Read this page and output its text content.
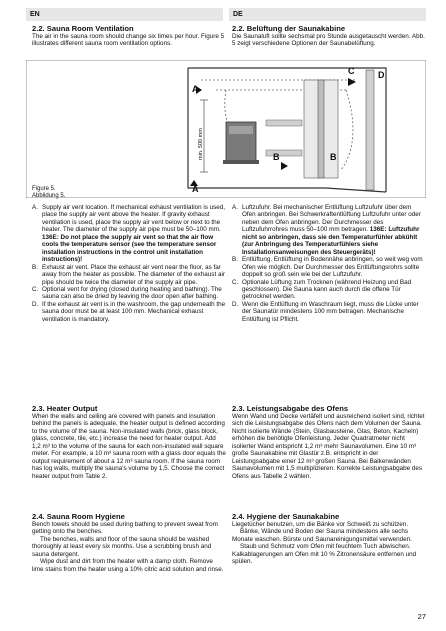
EN	DE
2.2. Sauna Room Ventilation

The air in the sauna room should change six times per hour. Figure 5 illustrates different sauna room ventilation options.

2.2. Belüftung der Saunakabine

Die Saunaluft sollte sechsmal pro Stunde ausgetauscht werden. Abb. 5 zeigt verschiedene Optionen der Saunabelüftung.

min. 500 mm
A
A
B	B
C	D
Figure 5.
Abbildung 5.
A. Supply air vent location. If mechanical exhaust ventilation is used, place the supply air vent above the heater. If gravity exhaust ventilation is used, place the supply air vent below or next to the heater. The diameter of the supply air pipe must be 50–100 mm. 136E: Do not place the supply air vent so that the air flow cools the temperature sensor (see the temperature sensor installation instructions in the control unit installation instructions)!
B. Exhaust air vent. Place the exhaust air vent near the floor, as far away from the heater as possible. The diameter of the exhaust air pipe should be twice the diameter of the supply air pipe.
C. Optional vent for drying (closed during heating and bathing). The sauna can also be dried by leaving the door open after bathing.
D. If the exhaust air vent is in the washroom, the gap underneath the sauna door must be at least 100 mm. Mechanical exhaust ventilation is mandatory.
A. Luftzufuhr. Bei mechanischer Entlüftung Luftzufuhr über dem Ofen anbringen. Bei Schwerkraftentlüftung Luftzufuhr unter oder neben dem Ofen anbringen. Der Durchmesser des Luftzufuhrrohres muss 50–100 mm betragen. 136E: Luftzufuhr nicht so anbringen, dass sie den Temperaturfühler abkühlt (zur Anbringung des Temperaturfühlers siehe Installationsanweisungen des Steuergeräts)!
B. Entlüftung. Entlüftung in Bodennähe anbringen, so weit weg vom Ofen wie möglich. Der Durchmesser des Entlüftungsrohrs sollte doppelt so groß sein wie bei der Luftzufuhr.
C. Optionale Lüftung zum Trocknen (während Heizung und Bad geschlossen). Die Sauna kann auch durch die offene Tür getrocknet werden.
D. Wenn die Entlüftung im Waschraum liegt, muss die Lücke unter der Saunatür mindestens 100 mm betragen. Mechanische Entlüftung ist Pflicht.
2.3. Heater Output

When the walls and ceiling are covered with panels and insulation behind the panels is adequate, the heater output is defined according to the volume of the sauna. Non-insulated walls (brick, glass block, glass, concrete, tile, etc.) increase the need for heater output. Add 1,2 m³ to the volume of the sauna for each non-insulated wall square meter. For example, a 10 m³ sauna room with a glass door equals the output requirement of about a 12 m³ sauna room. If the sauna room has log walls, multiply the sauna's volume by 1,5. Choose the correct heater output from Table 2.

2.3. Leistungsabgabe des Ofens

Wenn Wand und Decke vertäfelt und ausreichend isoliert sind, richtet sich die Leistungsabgabe des Ofens nach dem Volumen der Sauna. Nicht isolierte Wände (Stein, Glasbausteine, Glas, Beton, Kacheln) erhöhen die benötigte Ofenleistung. Jeder Quadratmeter nicht isolierter Wand entspricht 1,2 m³ mehr Saunavolumen. Eine 10 m³ große Saunakabine mit Glastür z.B. entspricht in der Leistungsabgabe einer 12 m³ großen Sauna. Bei Balkenwänden Saunavolumen mit 1,5 multiplizieren. Korrekte Leistungsabgabe des Ofens aus Tabelle 2 wählen.

2.4. Sauna Room Hygiene

Bench towels should be used during bathing to prevent sweat from getting onto the benches.

The benches, walls and floor of the sauna should be washed thoroughly at least every six months. Use a scrubbing brush and sauna detergent.

Wipe dust and dirt from the heater with a damp cloth. Remove lime stains from the heater using a 10% citric acid solution and rinse.

2.4. Hygiene der Saunakabine

Liegetücher benutzen, um die Bänke vor Schweiß zu schützen.

Bänke, Wände und Boden der Sauna mindestens alle sechs Monate waschen. Bürste und Saunareinigungsmittel verwenden.

Staub und Schmutz vom Ofen mit feuchtem Tuch abwischen. Kalkablagerungen am Ofen mit 10 % Zitronensäure entfernen und spülen.

27
